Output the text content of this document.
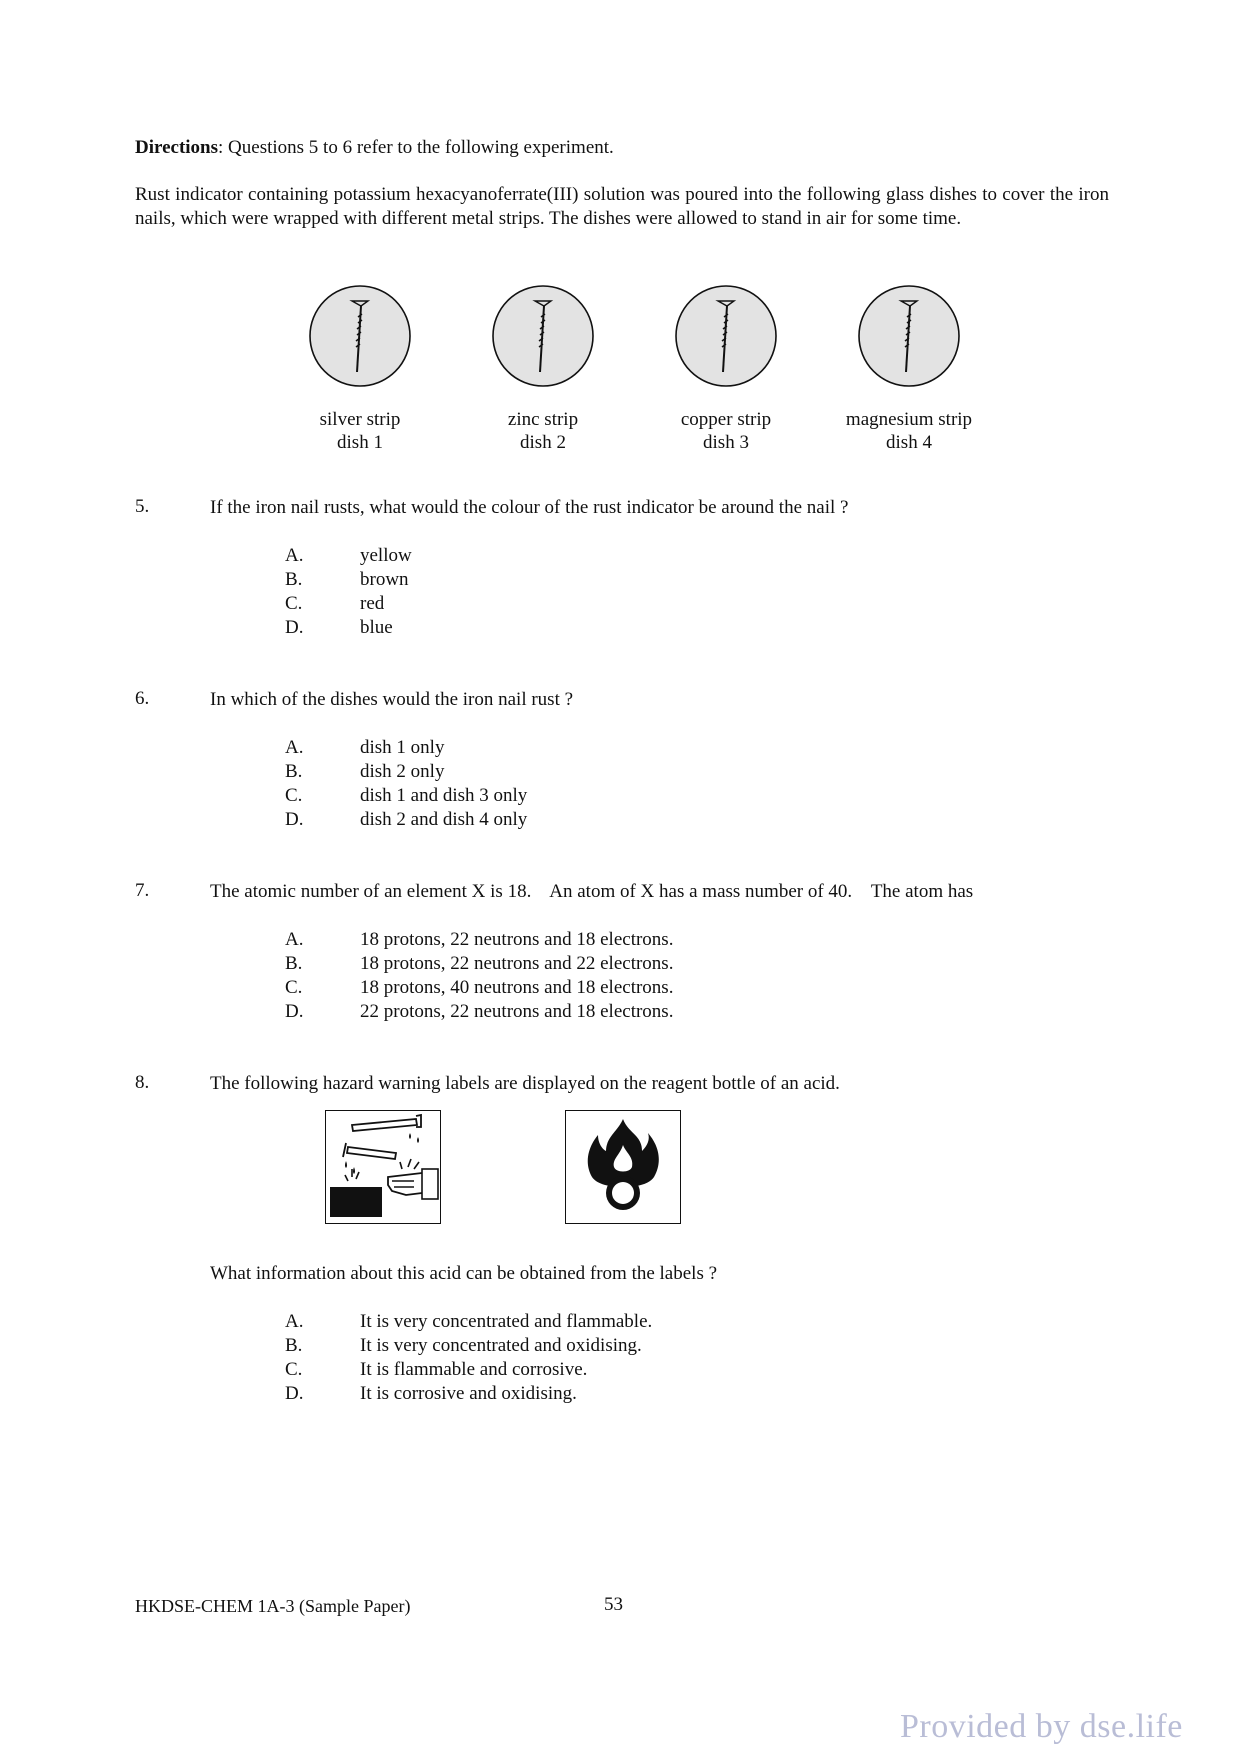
Directions: Questions 5 to 6 refer to the following experiment.
Rust indicator containing potassium hexacyanoferrate(III) solution was poured into the following glass dishes to cover the iron nails, which were wrapped with different metal strips. The dishes were allowed to stand in air for some time.
silver strip
dish 1
zinc strip
dish 2
copper strip
dish 3
magnesium strip
dish 4
5.	If the iron nail rusts, what would the colour of the rust indicator be around the nail ?
A.	yellow
B.	brown
C.	red
D.	blue
6.	In which of the dishes would the iron nail rust ?
A.	dish 1 only
B.	dish 2 only
C.	dish 1 and dish 3 only
D.	dish 2 and dish 4 only
7.	The atomic number of an element X is 18.    An atom of X has a mass number of 40.    The atom has
A.	18 protons, 22 neutrons and 18 electrons.
B.	18 protons, 22 neutrons and 22 electrons.
C.	18 protons, 40 neutrons and 18 electrons.
D.	22 protons, 22 neutrons and 18 electrons.
8.	The following hazard warning labels are displayed on the reagent bottle of an acid.
What information about this acid can be obtained from the labels ?
A.	It is very concentrated and flammable.
B.	It is very concentrated and oxidising.
C.	It is flammable and corrosive.
D.	It is corrosive and oxidising.
HKDSE-CHEM 1A-3 (Sample Paper)	53
Provided by dse.life
